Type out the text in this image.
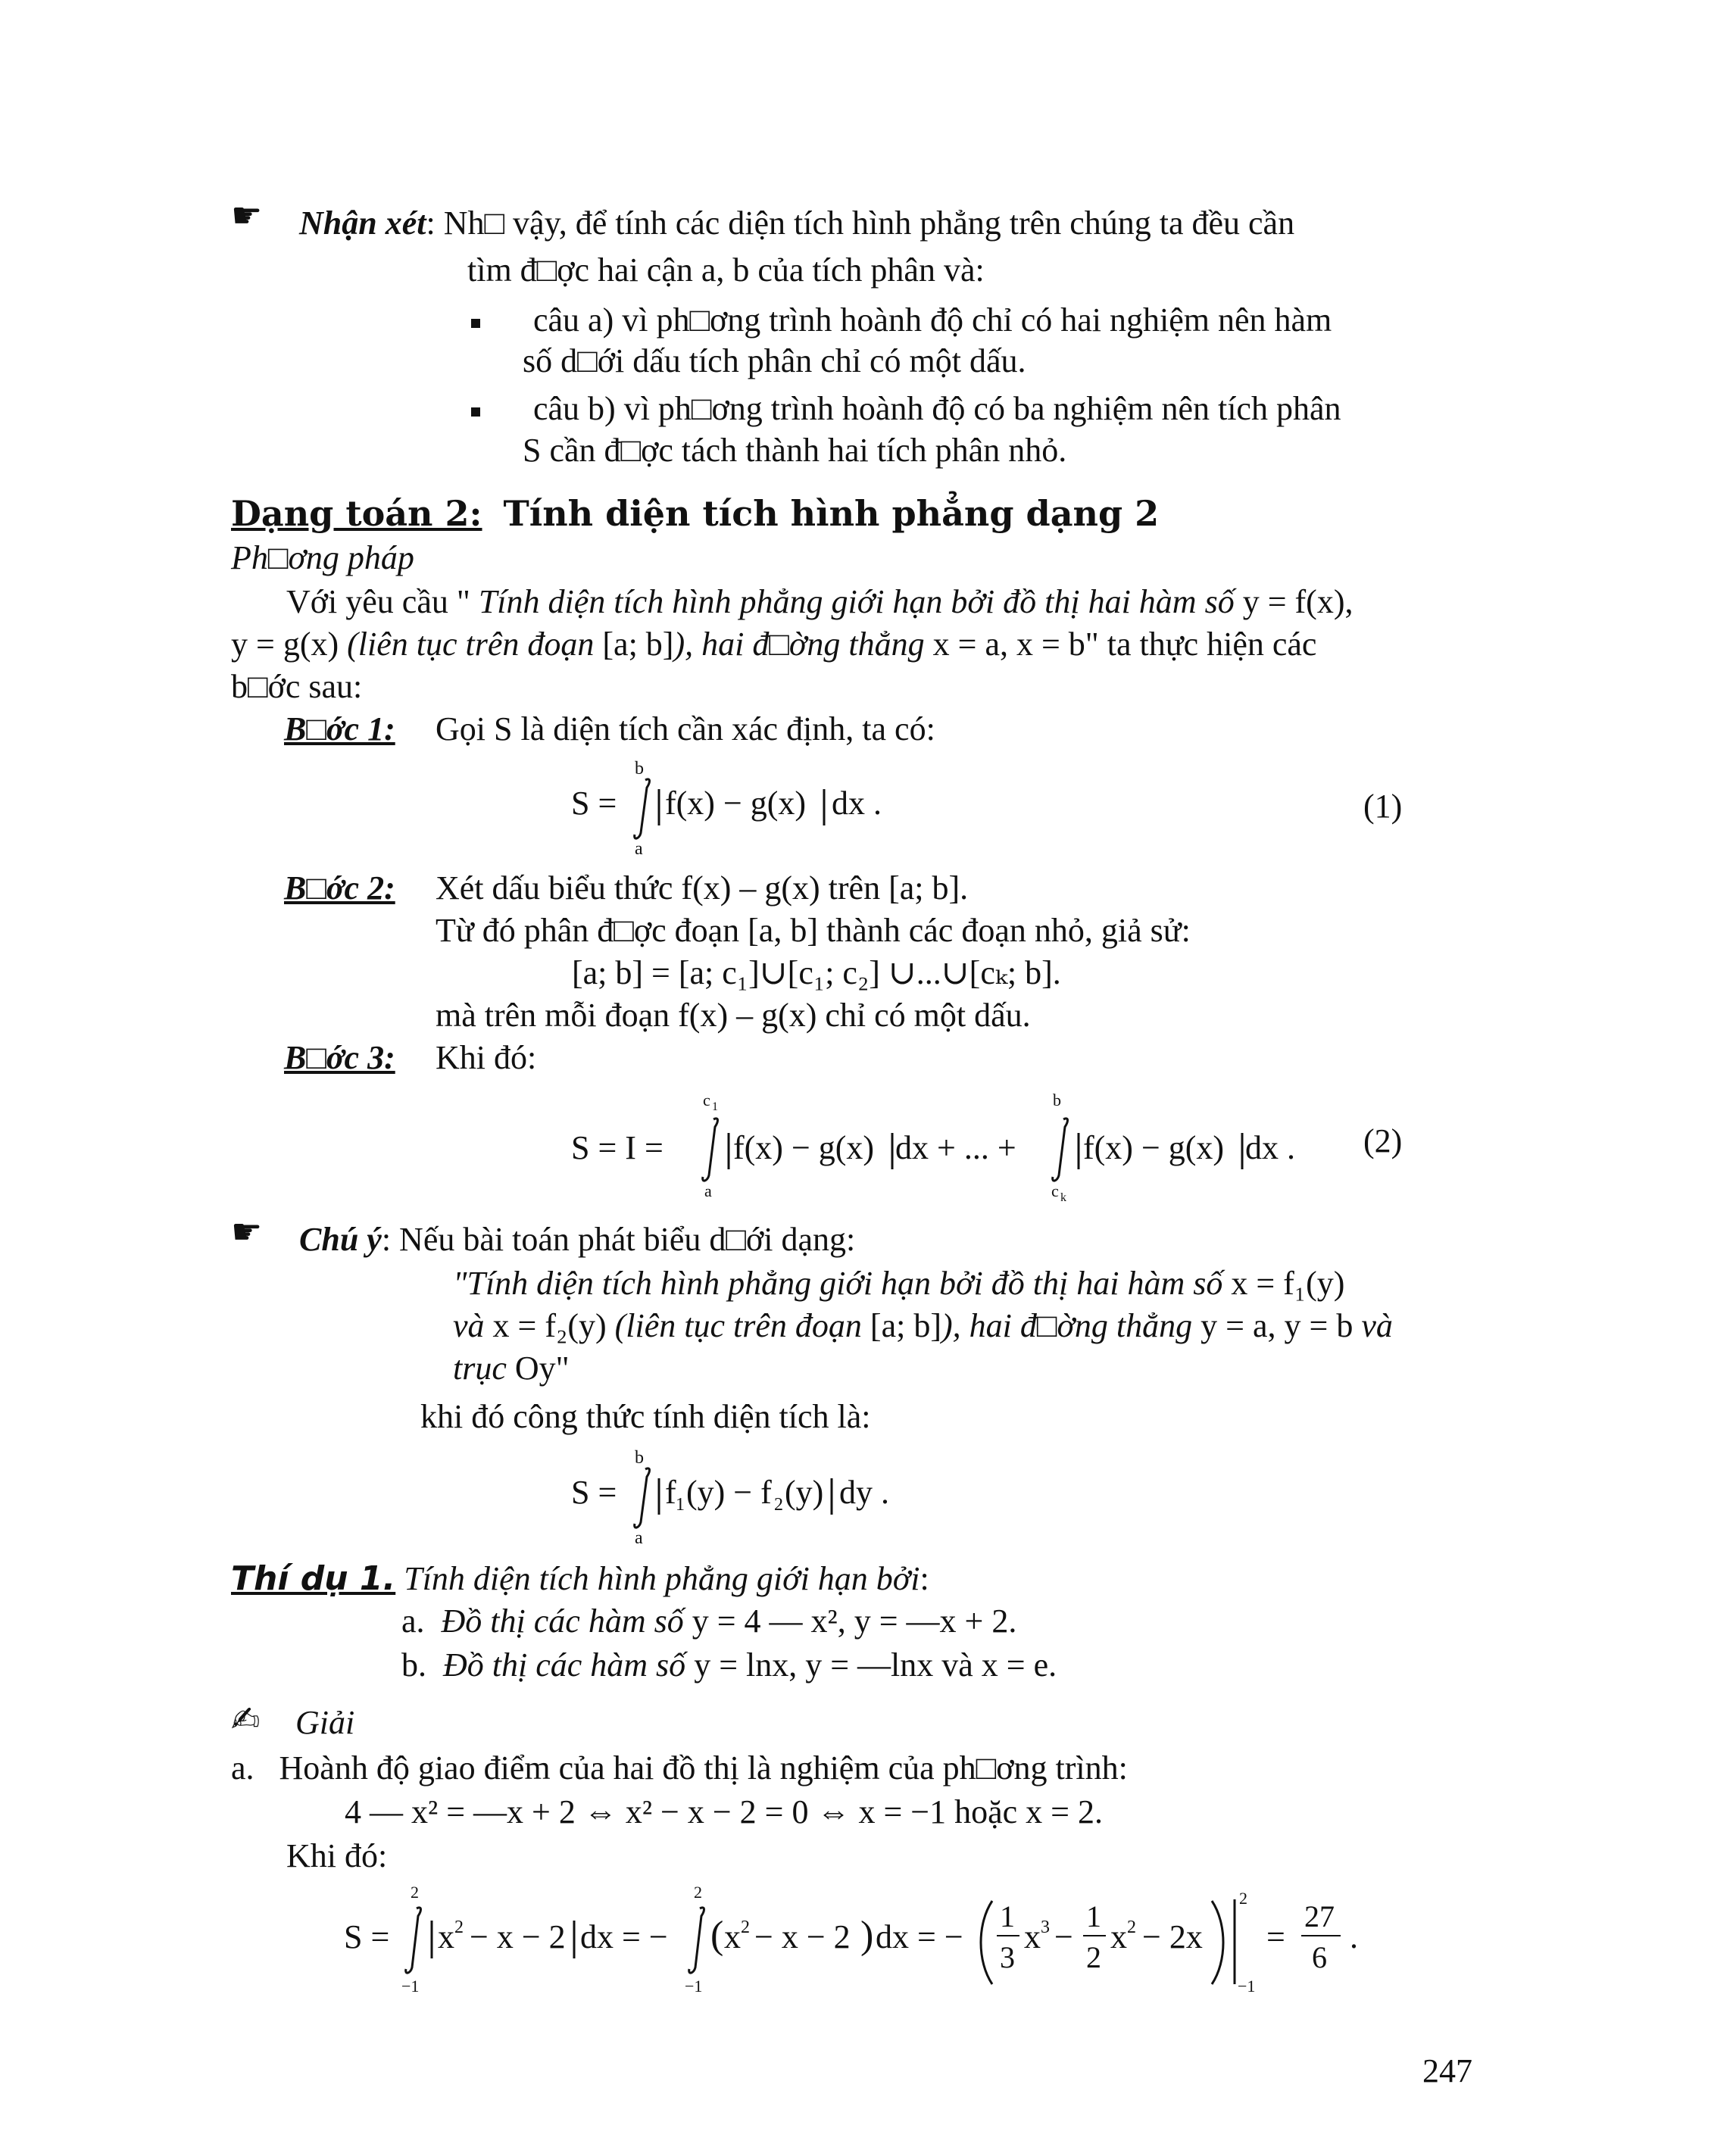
☛ Nhận xét: Nh□ vậy, để tính các diện tích hình phẳng trên chúng ta đều cần
tìm đ□ợc hai cận a, b của tích phân và:
câu a) vì ph□ơng trình hoành độ chỉ có hai nghiệm nên hàm
số d□ới dấu tích phân chỉ có một dấu.
câu b) vì ph□ơng trình hoành độ có ba nghiệm nên tích phân
S cần đ□ợc tách thành hai tích phân nhỏ.
Dạng toán 2: Tính diện tích hình phẳng dạng 2
Ph□ơng pháp
Với yêu cầu " Tính diện tích hình phẳng giới hạn bởi đồ thị hai hàm số y = f(x),
y = g(x) (liên tục trên đoạn [a; b]), hai đ□ờng thẳng x = a, x = b" ta thực hiện các
b□ớc sau:
B□ớc 1: Gọi S là diện tích cần xác định, ta có:
S =
b
a
f(x) − g(x) dx .	(1)
B□ớc 2: Xét dấu biểu thức f(x) – g(x) trên [a; b].
Từ đó phân đ□ợc đoạn [a, b] thành các đoạn nhỏ, giả sử:
[a; b] = [a; c₁]∪[c₁; c₂] ∪...∪[cₖ; b].
mà trên mỗi đoạn f(x) – g(x) chỉ có một dấu.
B□ớc 3: Khi đó:
S = I =
c 1
a
f(x) − g(x) dx + ... +
b
c k
f(x) − g(x) dx . (2)
☛ Chú ý: Nếu bài toán phát biểu d□ới dạng:
"Tính diện tích hình phẳng giới hạn bởi đồ thị hai hàm số x = f₁(y)
và x = f₂(y) (liên tục trên đoạn [a; b]), hai đ□ờng thẳng y = a, y = b và
trục Oy"
khi đó công thức tính diện tích là:
S =
b
a
f 1 (y) − f 2 (y) dy .
Thí dụ 1. Tính diện tích hình phẳng giới hạn bởi:
a. Đồ thị các hàm số y = 4 — x², y = —x + 2.
b. Đồ thị các hàm số y = lnx, y = —lnx và x = e.
✍ Giải
a. Hoành độ giao điểm của hai đồ thị là nghiệm của ph□ơng trình:
4 — x² = —x + 2 ⇔ x² − x − 2 = 0 ⇔ x = −1 hoặc x = 2.
Khi đó:
S =
2
−1
x 2 − x − 2 dx = −
2
−1
( x 2 − x − 2 ) dx = −
1
3
x 3 −
1
2
x 2 − 2x
2
−1
=
27
6
.
247
